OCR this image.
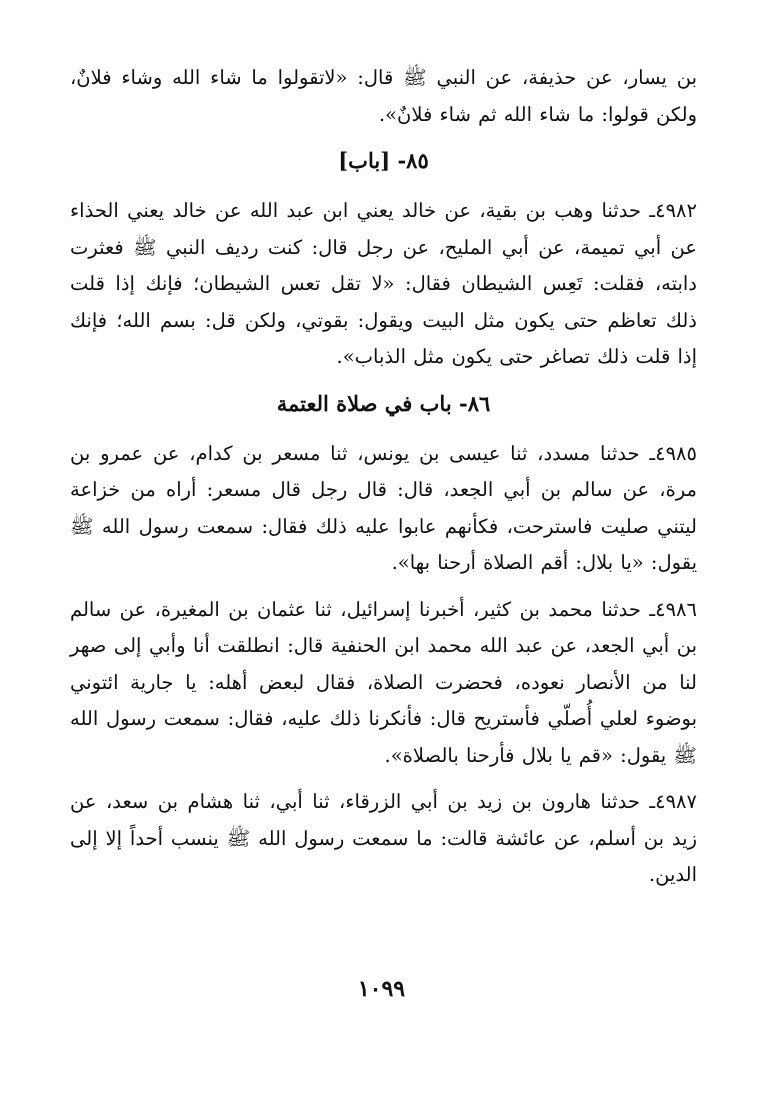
بن يسار، عن حذيفة، عن النبي ﷺ قال: «لاتقولوا ما شاء الله وشاء فلانٌ، ولكن قولوا: ما شاء الله ثم شاء فلانٌ».

٨٥- [باب]

٤٩٨٢ـ حدثنا وهب بن بقية، عن خالد يعني ابن عبد الله عن خالد يعني الحذاء عن أبي تميمة، عن أبي المليح، عن رجل قال: كنت رديف النبي ﷺ فعثرت دابته، فقلت: تَعِس الشيطان فقال: «لا تقل تعس الشيطان؛ فإنك إذا قلت ذلك تعاظم حتى يكون مثل البيت ويقول: بقوتي، ولكن قل: بسم الله؛ فإنك إذا قلت ذلك تصاغر حتى يكون مثل الذباب».

٨٦- باب في صلاة العتمة

٤٩٨٥ـ حدثنا مسدد، ثنا عيسى بن يونس، ثنا مسعر بن كدام، عن عمرو بن مرة، عن سالم بن أبي الجعد، قال: قال رجل قال مسعر: أراه من خزاعة ليتني صليت فاسترحت، فكأنهم عابوا عليه ذلك فقال: سمعت رسول الله ﷺ يقول: «يا بلال: أقم الصلاة أرحنا بها».

٤٩٨٦ـ حدثنا محمد بن كثير، أخبرنا إسرائيل، ثنا عثمان بن المغيرة، عن سالم بن أبي الجعد، عن عبد الله محمد ابن الحنفية قال: انطلقت أنا وأبي إلى صهر لنا من الأنصار نعوده، فحضرت الصلاة، فقال لبعض أهله: يا جارية ائتوني بوضوء لعلي أُصلّي فأستريح قال: فأنكرنا ذلك عليه، فقال: سمعت رسول الله ﷺ يقول: «قم يا بلال فأرحنا بالصلاة».

٤٩٨٧ـ حدثنا هارون بن زيد بن أبي الزرقاء، ثنا أبي، ثنا هشام بن سعد، عن زيد بن أسلم، عن عائشة قالت: ما سمعت رسول الله ﷺ ينسب أحداً إلا إلى الدين.

١٠٩٩
